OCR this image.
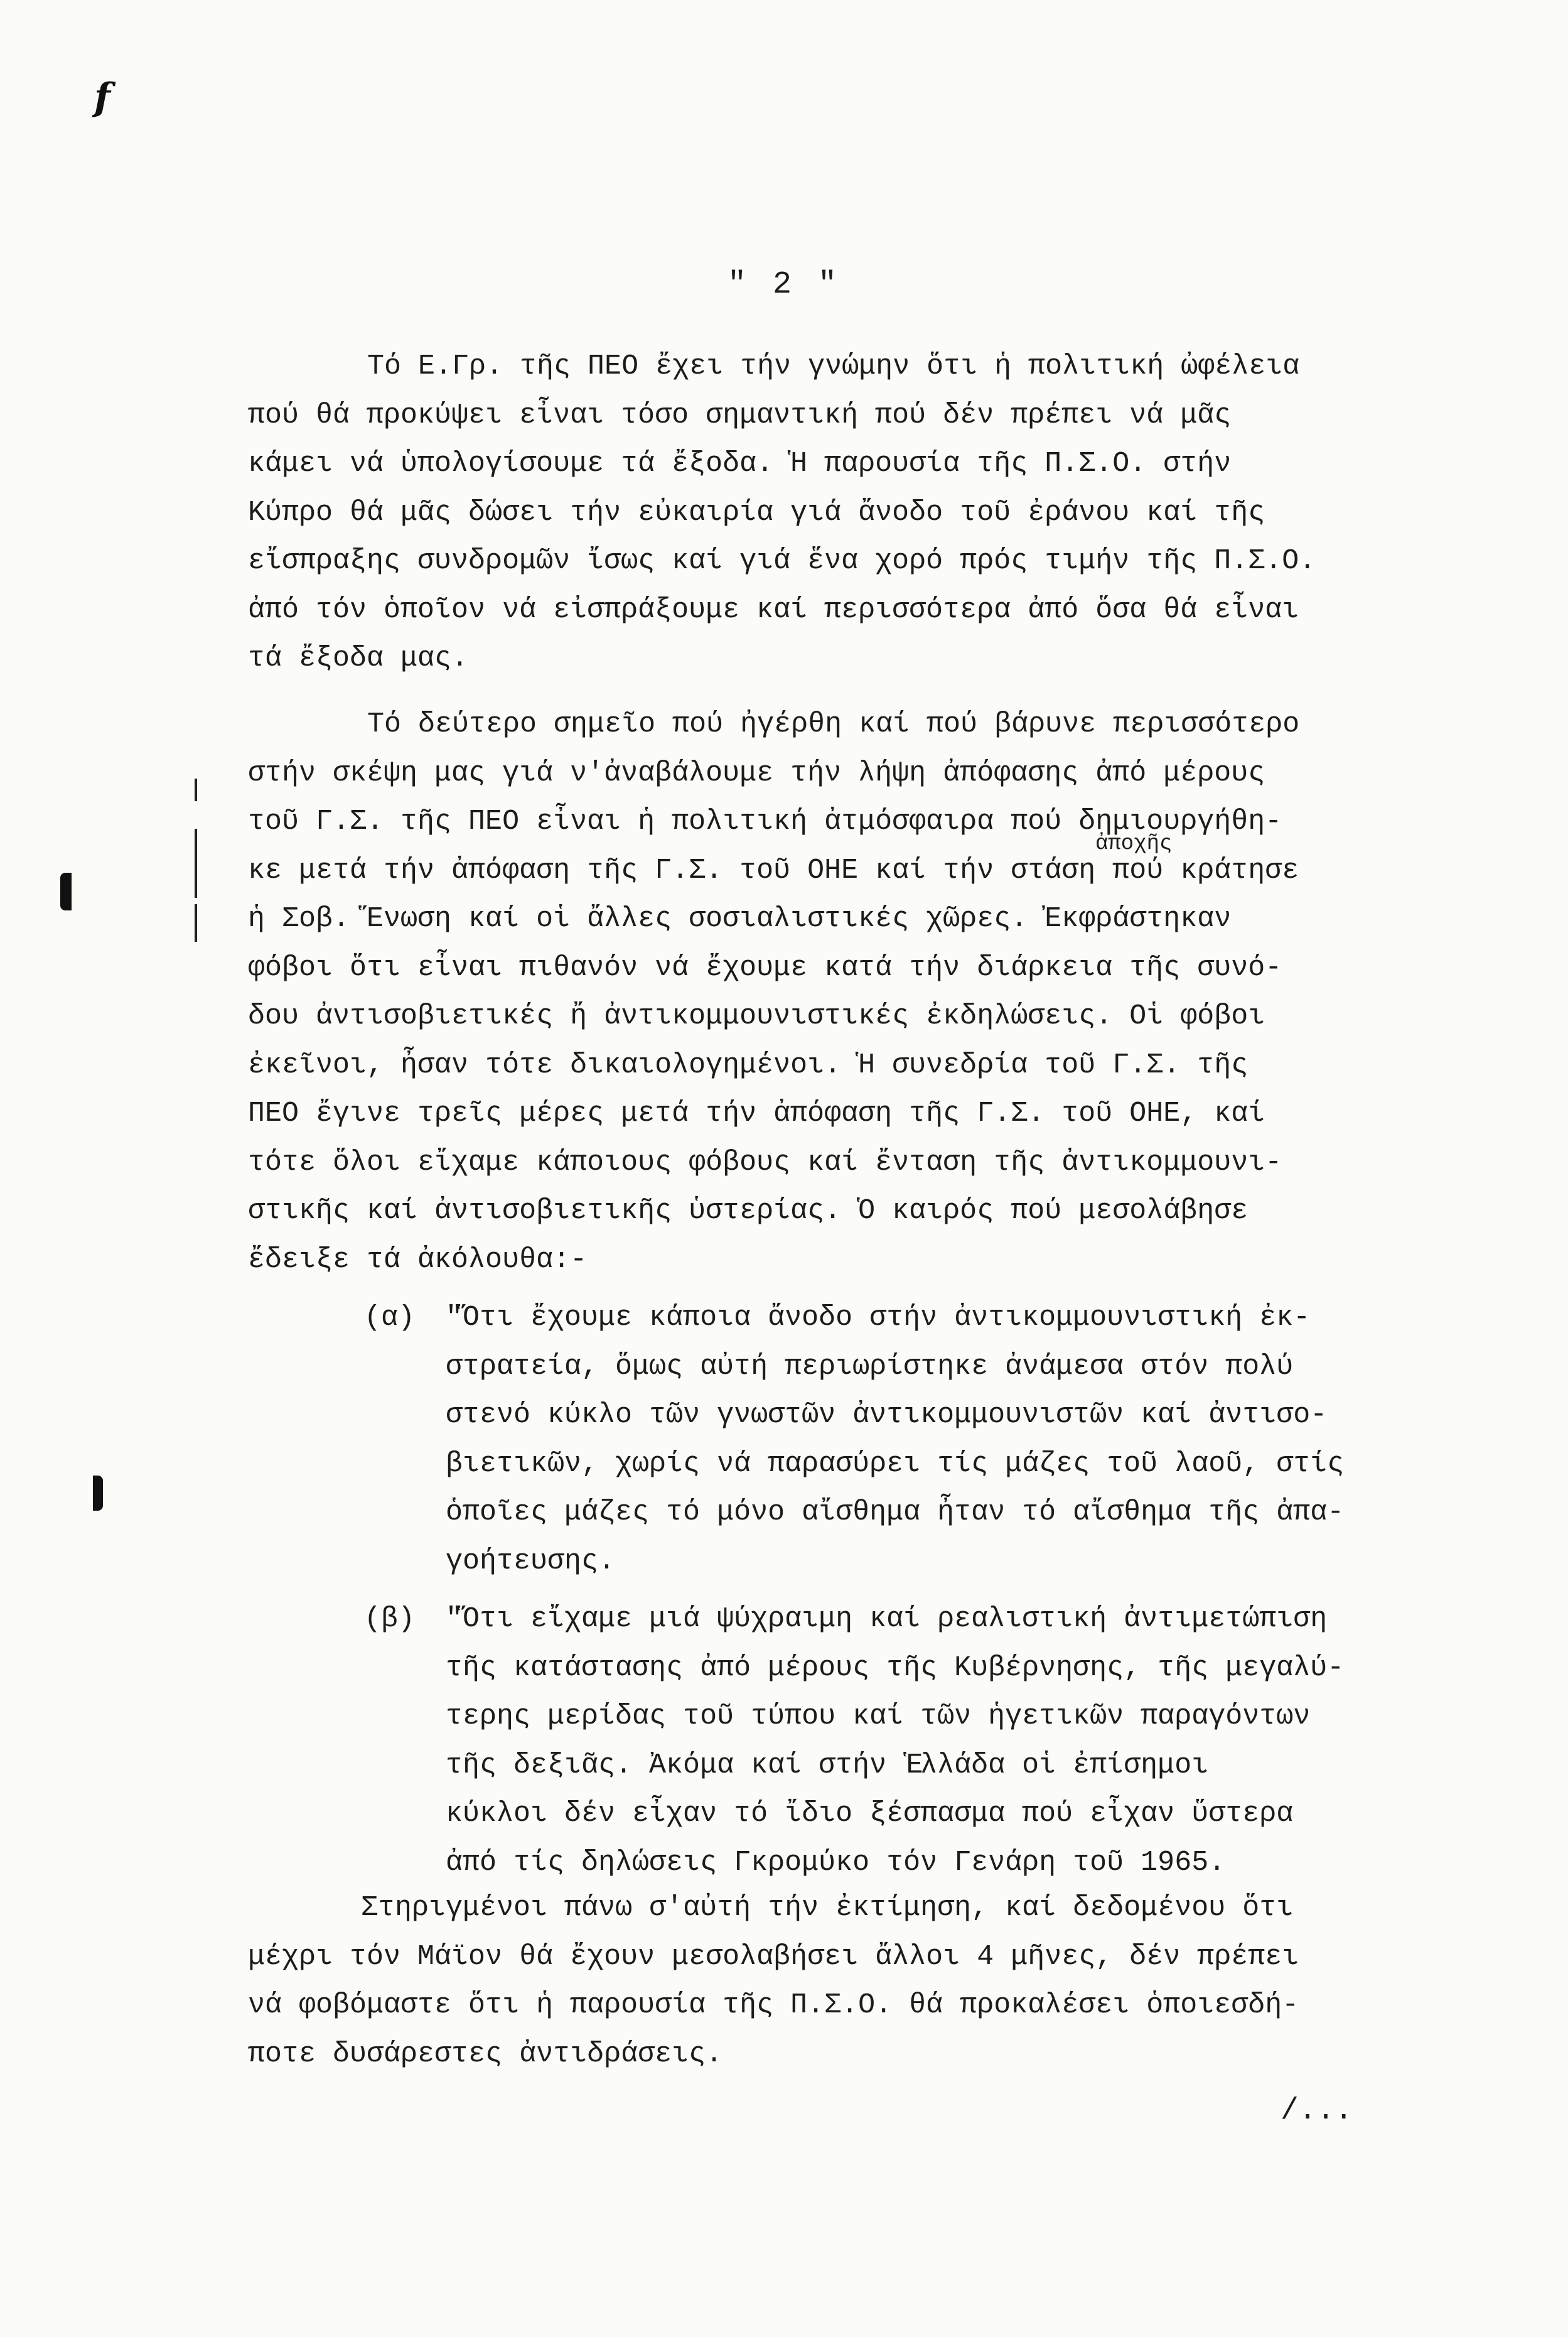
f
" 2 "
Τό Ε.Γρ. τῆς ΠΕΟ ἔχει τήν γνώμην ὅτι ἡ πολιτική ὠφέλεια
πού θά προκύψει εἶναι τόσο σημαντική πού δέν πρέπει νά μᾶς
κάμει νά ὑπολογίσουμε τά ἔξοδα. Ἡ παρουσία τῆς Π.Σ.Ο. στήν
Κύπρο θά μᾶς δώσει τήν εὐκαιρία γιά ἄνοδο τοῦ ἐράνου καί τῆς
εἴσπραξης συνδρομῶν ἴσως καί γιά ἕνα χορό πρός τιμήν τῆς Π.Σ.Ο.
ἀπό τόν ὁποῖον νά εἰσπράξουμε καί περισσότερα ἀπό ὅσα θά εἶναι
τά ἔξοδα μας.
Τό δεύτερο σημεῖο πού ἠγέρθη καί πού βάρυνε περισσότερο
στήν σκέψη μας γιά ν'ἀναβάλουμε τήν λήψη ἀπόφασης ἀπό μέρους
τοῦ Γ.Σ. τῆς ΠΕΟ εἶναι ἡ πολιτική ἀτμόσφαιρα πού δημιουργήθη-
κε μετά τήν ἀπόφαση τῆς Γ.Σ. τοῦ ΟΗΕ καί τήν στάση πού κράτησε
ἡ Σοβ. Ἕνωση καί οἱ ἄλλες σοσιαλιστικές χῶρες. Ἐκφράστηκαν
φόβοι ὅτι εἶναι πιθανόν νά ἔχουμε κατά τήν διάρκεια τῆς συνό-
δου ἀντισοβιετικές ἤ ἀντικομμουνιστικές ἐκδηλώσεις. Οἱ φόβοι
ἐκεῖνοι, ἦσαν τότε δικαιολογημένοι. Ἡ συνεδρία τοῦ Γ.Σ. τῆς
ΠΕΟ ἔγινε τρεῖς μέρες μετά τήν ἀπόφαση τῆς Γ.Σ. τοῦ ΟΗΕ, καί
τότε ὅλοι εἴχαμε κάποιους φόβους καί ἔνταση τῆς ἀντικομμουνι-
στικῆς καί ἀντισοβιετικῆς ὑστερίας. Ὁ καιρός πού μεσολάβησε
ἔδειξε τά ἀκόλουθα:-
ἀποχῆς
(α) "Ὅτι ἔχουμε κάποια ἄνοδο στήν ἀντικομμουνιστική ἐκ-
στρατεία, ὅμως αὐτή περιωρίστηκε ἀνάμεσα στόν πολύ
στενό κύκλο τῶν γνωστῶν ἀντικομμουνιστῶν καί ἀντισο-
βιετικῶν, χωρίς νά παρασύρει τίς μάζες τοῦ λαοῦ, στίς
ὁποῖες μάζες τό μόνο αἴσθημα ἦταν τό αἴσθημα τῆς ἀπα-
γοήτευσης.
(β) "Ὅτι εἴχαμε μιά ψύχραιμη καί ρεαλιστική ἀντιμετώπιση
τῆς κατάστασης ἀπό μέρους τῆς Κυβέρνησης, τῆς μεγαλύ-
τερης μερίδας τοῦ τύπου καί τῶν ἡγετικῶν παραγόντων
τῆς δεξιᾶς. Ἀκόμα καί στήν Ἑλλάδα οἱ ἐπίσημοι
κύκλοι δέν εἶχαν τό ἴδιο ξέσπασμα πού εἶχαν ὕστερα
ἀπό τίς δηλώσεις Γκρομύκο τόν Γενάρη τοῦ 1965.
Στηριγμένοι πάνω σ'αὐτή τήν ἐκτίμηση, καί δεδομένου ὅτι
μέχρι τόν Μάϊον θά ἔχουν μεσολαβήσει ἄλλοι 4 μῆνες, δέν πρέπει
νά φοβόμαστε ὅτι ἡ παρουσία τῆς Π.Σ.Ο. θά προκαλέσει ὁποιεσδή-
ποτε δυσάρεστες ἀντιδράσεις.
/...
